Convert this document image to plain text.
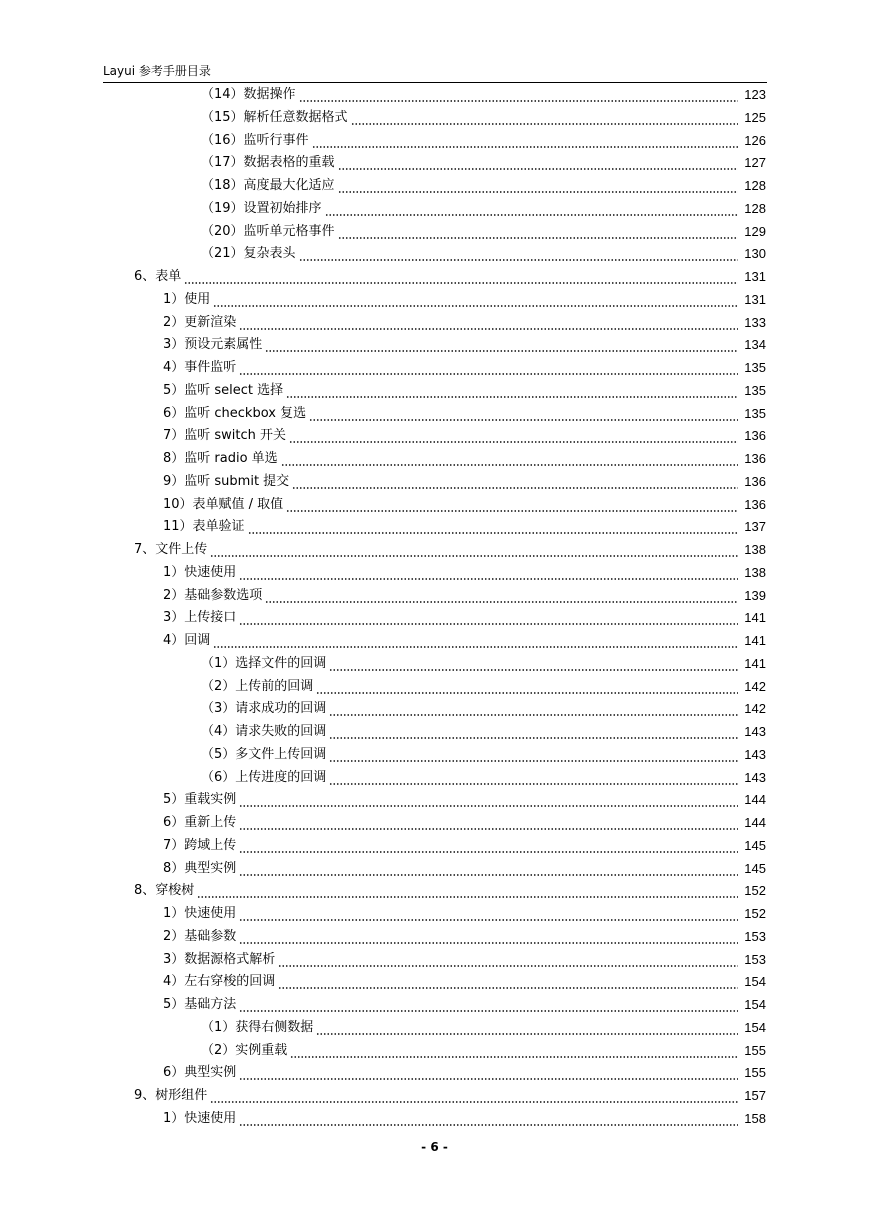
Layui 参考手册目录
（14）数据操作	123
（15）解析任意数据格式	125
（16）监听行事件	126
（17）数据表格的重载	127
（18）高度最大化适应	128
（19）设置初始排序	128
（20）监听单元格事件	129
（21）复杂表头	130
6、表单	131
1）使用	131
2）更新渲染	133
3）预设元素属性	134
4）事件监听	135
5）监听 select 选择	135
6）监听 checkbox 复选	135
7）监听 switch 开关	136
8）监听 radio 单选	136
9）监听 submit 提交	136
10）表单赋值 / 取值	136
11）表单验证	137
7、文件上传	138
1）快速使用	138
2）基础参数选项	139
3）上传接口	141
4）回调	141
（1）选择文件的回调	141
（2）上传前的回调	142
（3）请求成功的回调	142
（4）请求失败的回调	143
（5）多文件上传回调	143
（6）上传进度的回调	143
5）重载实例	144
6）重新上传	144
7）跨域上传	145
8）典型实例	145
8、穿梭树	152
1）快速使用	152
2）基础参数	153
3）数据源格式解析	153
4）左右穿梭的回调	154
5）基础方法	154
（1）获得右侧数据	154
（2）实例重载	155
6）典型实例	155
9、树形组件	157
1）快速使用	158
- 6 -
